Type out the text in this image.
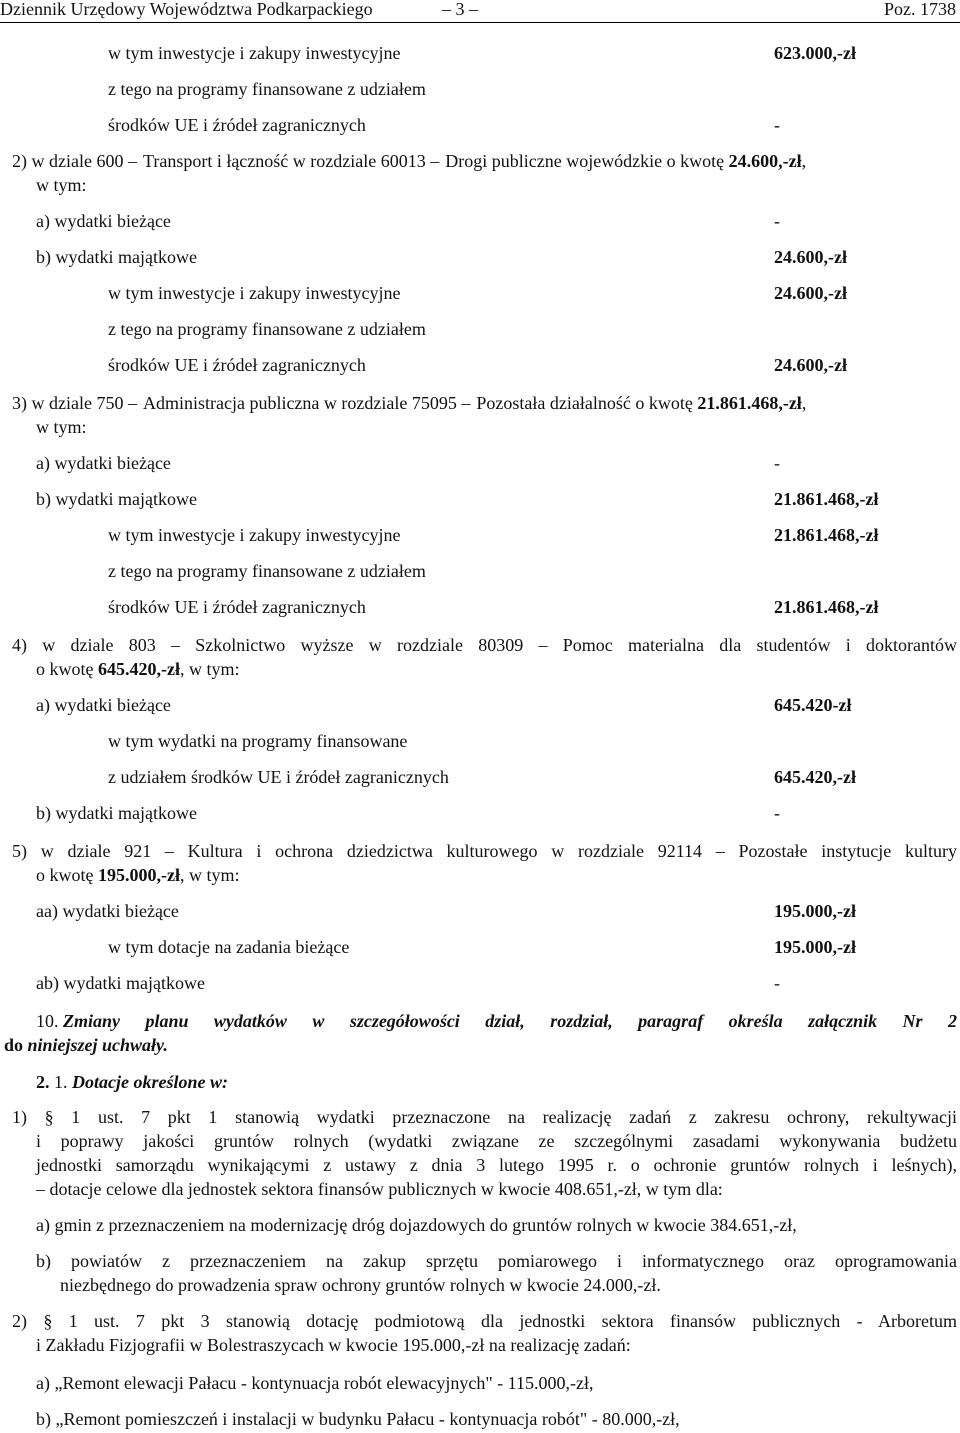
Dziennik Urzędowy Województwa Podkarpackiego	– 3 –	Poz. 1738
w tym inwestycje i zakupy inwestycyjne	623.000,-zł
z tego na programy finansowane z udziałem
środków UE i źródeł zagranicznych	-
2) w dziale 600 – Transport i łączność w rozdziale 60013 – Drogi publiczne wojewódzkie o kwotę 24.600,-zł,
w tym:
a) wydatki bieżące	-
b) wydatki majątkowe	24.600,-zł
w tym inwestycje i zakupy inwestycyjne	24.600,-zł
z tego na programy finansowane z udziałem
środków UE i źródeł zagranicznych	24.600,-zł
3) w dziale 750 – Administracja publiczna w rozdziale 75095 – Pozostała działalność o kwotę 21.861.468,-zł,
w tym:
a) wydatki bieżące	-
b) wydatki majątkowe	21.861.468,-zł
w tym inwestycje i zakupy inwestycyjne	21.861.468,-zł
z tego na programy finansowane z udziałem
środków UE i źródeł zagranicznych	21.861.468,-zł
4) w dziale 803 – Szkolnictwo wyższe w rozdziale 80309 – Pomoc materialna dla studentów i doktorantów
o kwotę 645.420,-zł, w tym:
a) wydatki bieżące	645.420-zł
w tym wydatki na programy finansowane
z udziałem środków UE i źródeł zagranicznych	645.420,-zł
b) wydatki majątkowe	-
5) w dziale 921 – Kultura i ochrona dziedzictwa kulturowego w rozdziale 92114 – Pozostałe instytucje kultury
o kwotę 195.000,-zł, w tym:
aa) wydatki bieżące	195.000,-zł
w tym dotacje na zadania bieżące	195.000,-zł
ab) wydatki majątkowe	-
10. Zmiany planu wydatków w szczegółowości dział, rozdział, paragraf określa załącznik Nr 2
do niniejszej uchwały.
2. 1. Dotacje określone w:
1) § 1 ust. 7 pkt 1 stanowią wydatki przeznaczone na realizację zadań z zakresu ochrony, rekultywacji
i poprawy jakości gruntów rolnych (wydatki związane ze szczególnymi zasadami wykonywania budżetu
jednostki samorządu wynikającymi z ustawy z dnia 3 lutego 1995 r. o ochronie gruntów rolnych i leśnych),
– dotacje celowe dla jednostek sektora finansów publicznych w kwocie 408.651,-zł, w tym dla:
a) gmin z przeznaczeniem na modernizację dróg dojazdowych do gruntów rolnych w kwocie 384.651,-zł,
b) powiatów z przeznaczeniem na zakup sprzętu pomiarowego i informatycznego oraz oprogramowania
niezbędnego do prowadzenia spraw ochrony gruntów rolnych w kwocie 24.000,-zł.
2) § 1 ust. 7 pkt 3 stanowią dotację podmiotową dla jednostki sektora finansów publicznych - Arboretum
i Zakładu Fizjografii w Bolestraszycach w kwocie 195.000,-zł na realizację zadań:
a) „Remont elewacji Pałacu - kontynuacja robót elewacyjnych" - 115.000,-zł,
b) „Remont pomieszczeń i instalacji w budynku Pałacu - kontynuacja robót" - 80.000,-zł,
